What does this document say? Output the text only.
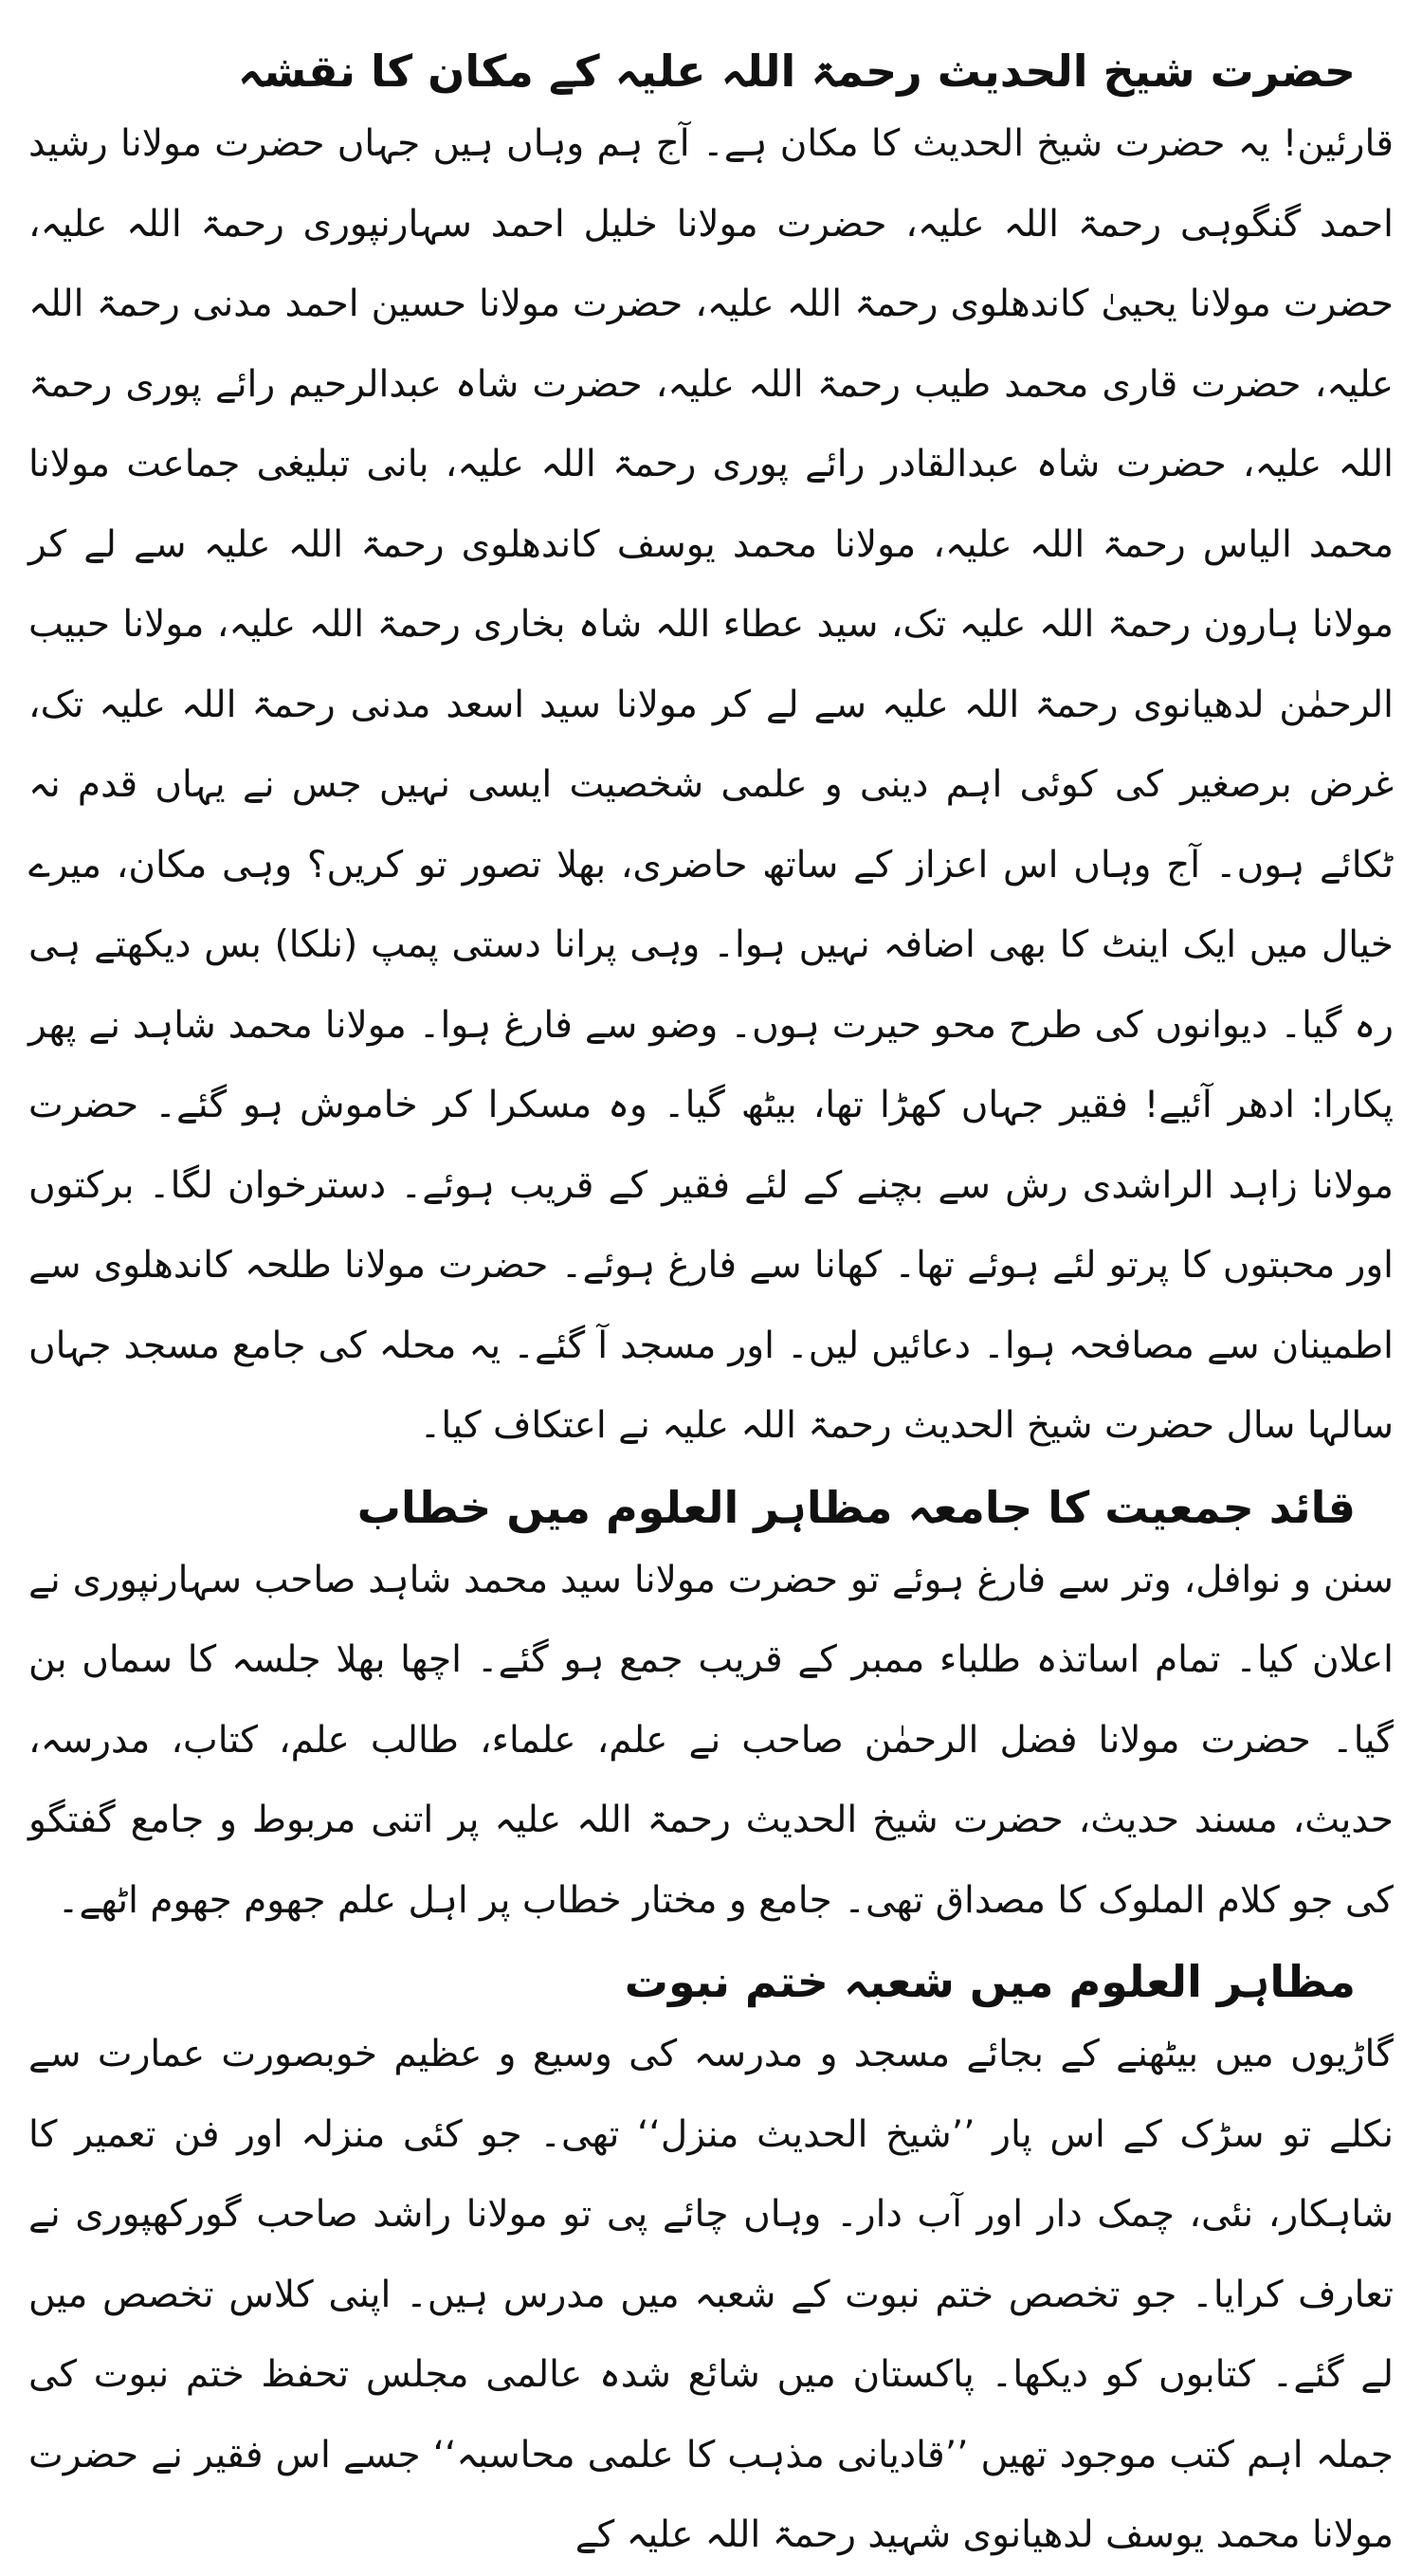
حضرت شیخ الحدیث رحمۃ اللہ علیہ کے مکان کا نقشہ

قارئین! یہ حضرت شیخ الحدیث کا مکان ہے۔ آج ہم وہاں ہیں جہاں حضرت مولانا رشید احمد گنگوہی رحمۃ اللہ علیہ، حضرت مولانا خلیل احمد سہارنپوری رحمۃ اللہ علیہ، حضرت مولانا یحییٰ کاندھلوی رحمۃ اللہ علیہ، حضرت مولانا حسین احمد مدنی رحمۃ اللہ علیہ، حضرت قاری محمد طیب رحمۃ اللہ علیہ، حضرت شاہ عبدالرحیم رائے پوری رحمۃ اللہ علیہ، حضرت شاہ عبدالقادر رائے پوری رحمۃ اللہ علیہ، بانی تبلیغی جماعت مولانا محمد الیاس رحمۃ اللہ علیہ، مولانا محمد یوسف کاندھلوی رحمۃ اللہ علیہ سے لے کر مولانا ہارون رحمۃ اللہ علیہ تک، سید عطاء اللہ شاہ بخاری رحمۃ اللہ علیہ، مولانا حبیب الرحمٰن لدھیانوی رحمۃ اللہ علیہ سے لے کر مولانا سید اسعد مدنی رحمۃ اللہ علیہ تک، غرض برصغیر کی کوئی اہم دینی و علمی شخصیت ایسی نہیں جس نے یہاں قدم نہ ٹکائے ہوں۔ آج وہاں اس اعزاز کے ساتھ حاضری، بھلا تصور تو کریں؟ وہی مکان، میرے خیال میں ایک اینٹ کا بھی اضافہ نہیں ہوا۔ وہی پرانا دستی پمپ (نلکا) بس دیکھتے ہی رہ گیا۔ دیوانوں کی طرح محو حیرت ہوں۔ وضو سے فارغ ہوا۔ مولانا محمد شاہد نے پھر پکارا: ادھر آئیے! فقیر جہاں کھڑا تھا، بیٹھ گیا۔ وہ مسکرا کر خاموش ہو گئے۔ حضرت مولانا زاہد الراشدی رش سے بچنے کے لئے فقیر کے قریب ہوئے۔ دسترخوان لگا۔ برکتوں اور محبتوں کا پرتو لئے ہوئے تھا۔ کھانا سے فارغ ہوئے۔ حضرت مولانا طلحہ کاندھلوی سے اطمینان سے مصافحہ ہوا۔ دعائیں لیں۔ اور مسجد آ گئے۔ یہ محلہ کی جامع مسجد جہاں سالہا سال حضرت شیخ الحدیث رحمۃ اللہ علیہ نے اعتکاف کیا۔

قائد جمعیت کا جامعہ مظاہر العلوم میں خطاب

سنن و نوافل، وتر سے فارغ ہوئے تو حضرت مولانا سید محمد شاہد صاحب سہارنپوری نے اعلان کیا۔ تمام اساتذہ طلباء ممبر کے قریب جمع ہو گئے۔ اچھا بھلا جلسہ کا سماں بن گیا۔ حضرت مولانا فضل الرحمٰن صاحب نے علم، علماء، طالب علم، کتاب، مدرسہ، حدیث، مسند حدیث، حضرت شیخ الحدیث رحمۃ اللہ علیہ پر اتنی مربوط و جامع گفتگو کی جو کلام الملوک کا مصداق تھی۔ جامع و مختار خطاب پر اہل علم جھوم جھوم اٹھے۔

مظاہر العلوم میں شعبہ ختم نبوت

گاڑیوں میں بیٹھنے کے بجائے مسجد و مدرسہ کی وسیع و عظیم خوبصورت عمارت سے نکلے تو سڑک کے اس پار ’’شیخ الحدیث منزل‘‘ تھی۔ جو کئی منزلہ اور فن تعمیر کا شاہکار، نئی، چمک دار اور آب دار۔ وہاں چائے پی تو مولانا راشد صاحب گورکھپوری نے تعارف کرایا۔ جو تخصص ختم نبوت کے شعبہ میں مدرس ہیں۔ اپنی کلاس تخصص میں لے گئے۔ کتابوں کو دیکھا۔ پاکستان میں شائع شدہ عالمی مجلس تحفظ ختم نبوت کی جملہ اہم کتب موجود تھیں ’’قادیانی مذہب کا علمی محاسبہ‘‘ جسے اس فقیر نے حضرت مولانا محمد یوسف لدھیانوی شہید رحمۃ اللہ علیہ کے
